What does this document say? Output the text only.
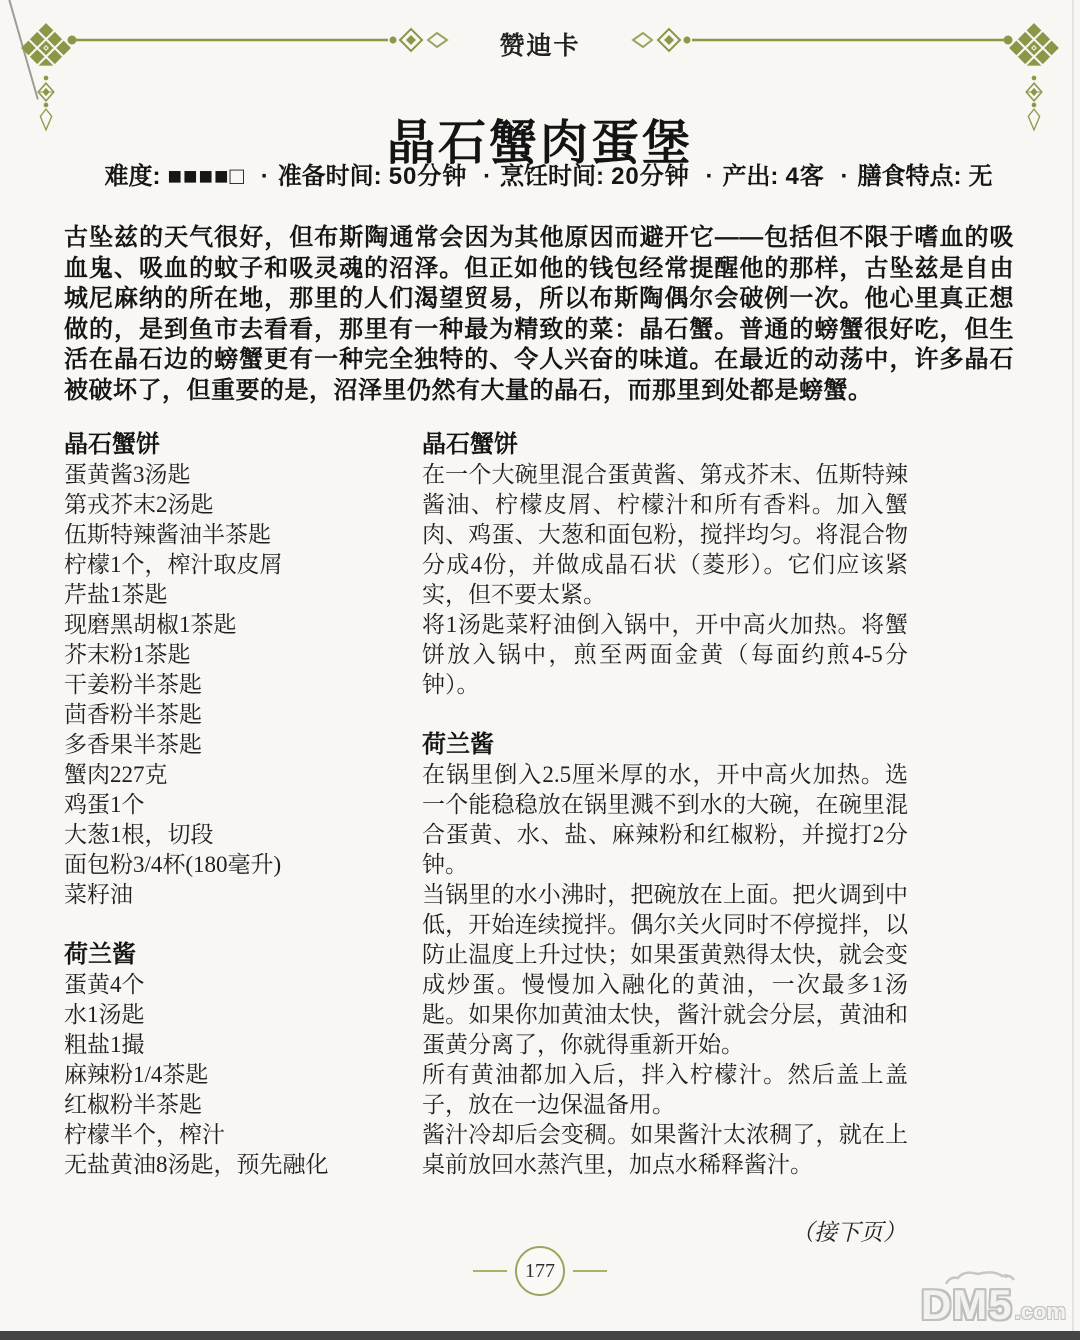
赞迪卡
晶石蟹肉蛋堡
难度: ■■■■□ · 准备时间: 50分钟 · 烹饪时间: 20分钟 · 产出: 4客 · 膳食特点: 无

古坠兹的天气很好，但布斯陶通常会因为其他原因而避开它——包括但不限于嗜血的吸血鬼、吸血的蚊子和吸灵魂的沼泽。但正如他的钱包经常提醒他的那样，古坠兹是自由城尼麻纳的所在地，那里的人们渴望贸易，所以布斯陶偶尔会破例一次。他心里真正想做的，是到鱼市去看看，那里有一种最为精致的菜：晶石蟹。普通的螃蟹很好吃，但生活在晶石边的螃蟹更有一种完全独特的、令人兴奋的味道。在最近的动荡中，许多晶石被破坏了，但重要的是，沼泽里仍然有大量的晶石，而那里到处都是螃蟹。

晶石蟹饼
蛋黄酱3汤匙
第戎芥末2汤匙
伍斯特辣酱油半茶匙
柠檬1个，榨汁取皮屑
芹盐1茶匙
现磨黑胡椒1茶匙
芥末粉1茶匙
干姜粉半茶匙
茴香粉半茶匙
多香果半茶匙
蟹肉227克
鸡蛋1个
大葱1根，切段
面包粉3/4杯(180毫升)
菜籽油
荷兰酱
蛋黄4个
水1汤匙
粗盐1撮
麻辣粉1/4茶匙
红椒粉半茶匙
柠檬半个，榨汁
无盐黄油8汤匙，预先融化
晶石蟹饼

在一个大碗里混合蛋黄酱、第戎芥末、伍斯特辣酱油、柠檬皮屑、柠檬汁和所有香料。加入蟹肉、鸡蛋、大葱和面包粉，搅拌均匀。将混合物分成4份，并做成晶石状（菱形）。它们应该紧实，但不要太紧。

将1汤匙菜籽油倒入锅中，开中高火加热。将蟹饼放入锅中，煎至两面金黄（每面约煎4-5分钟）。

荷兰酱

在锅里倒入2.5厘米厚的水，开中高火加热。选一个能稳稳放在锅里溅不到水的大碗，在碗里混合蛋黄、水、盐、麻辣粉和红椒粉，并搅打2分钟。

当锅里的水小沸时，把碗放在上面。把火调到中低，开始连续搅拌。偶尔关火同时不停搅拌，以防止温度上升过快；如果蛋黄熟得太快，就会变成炒蛋。慢慢加入融化的黄油，一次最多1汤匙。如果你加黄油太快，酱汁就会分层，黄油和蛋黄分离了，你就得重新开始。

所有黄油都加入后，拌入柠檬汁。然后盖上盖子，放在一边保温备用。

酱汁冷却后会变稠。如果酱汁太浓稠了，就在上桌前放回水蒸汽里，加点水稀释酱汁。

（接下页）
177
DM5 .com
